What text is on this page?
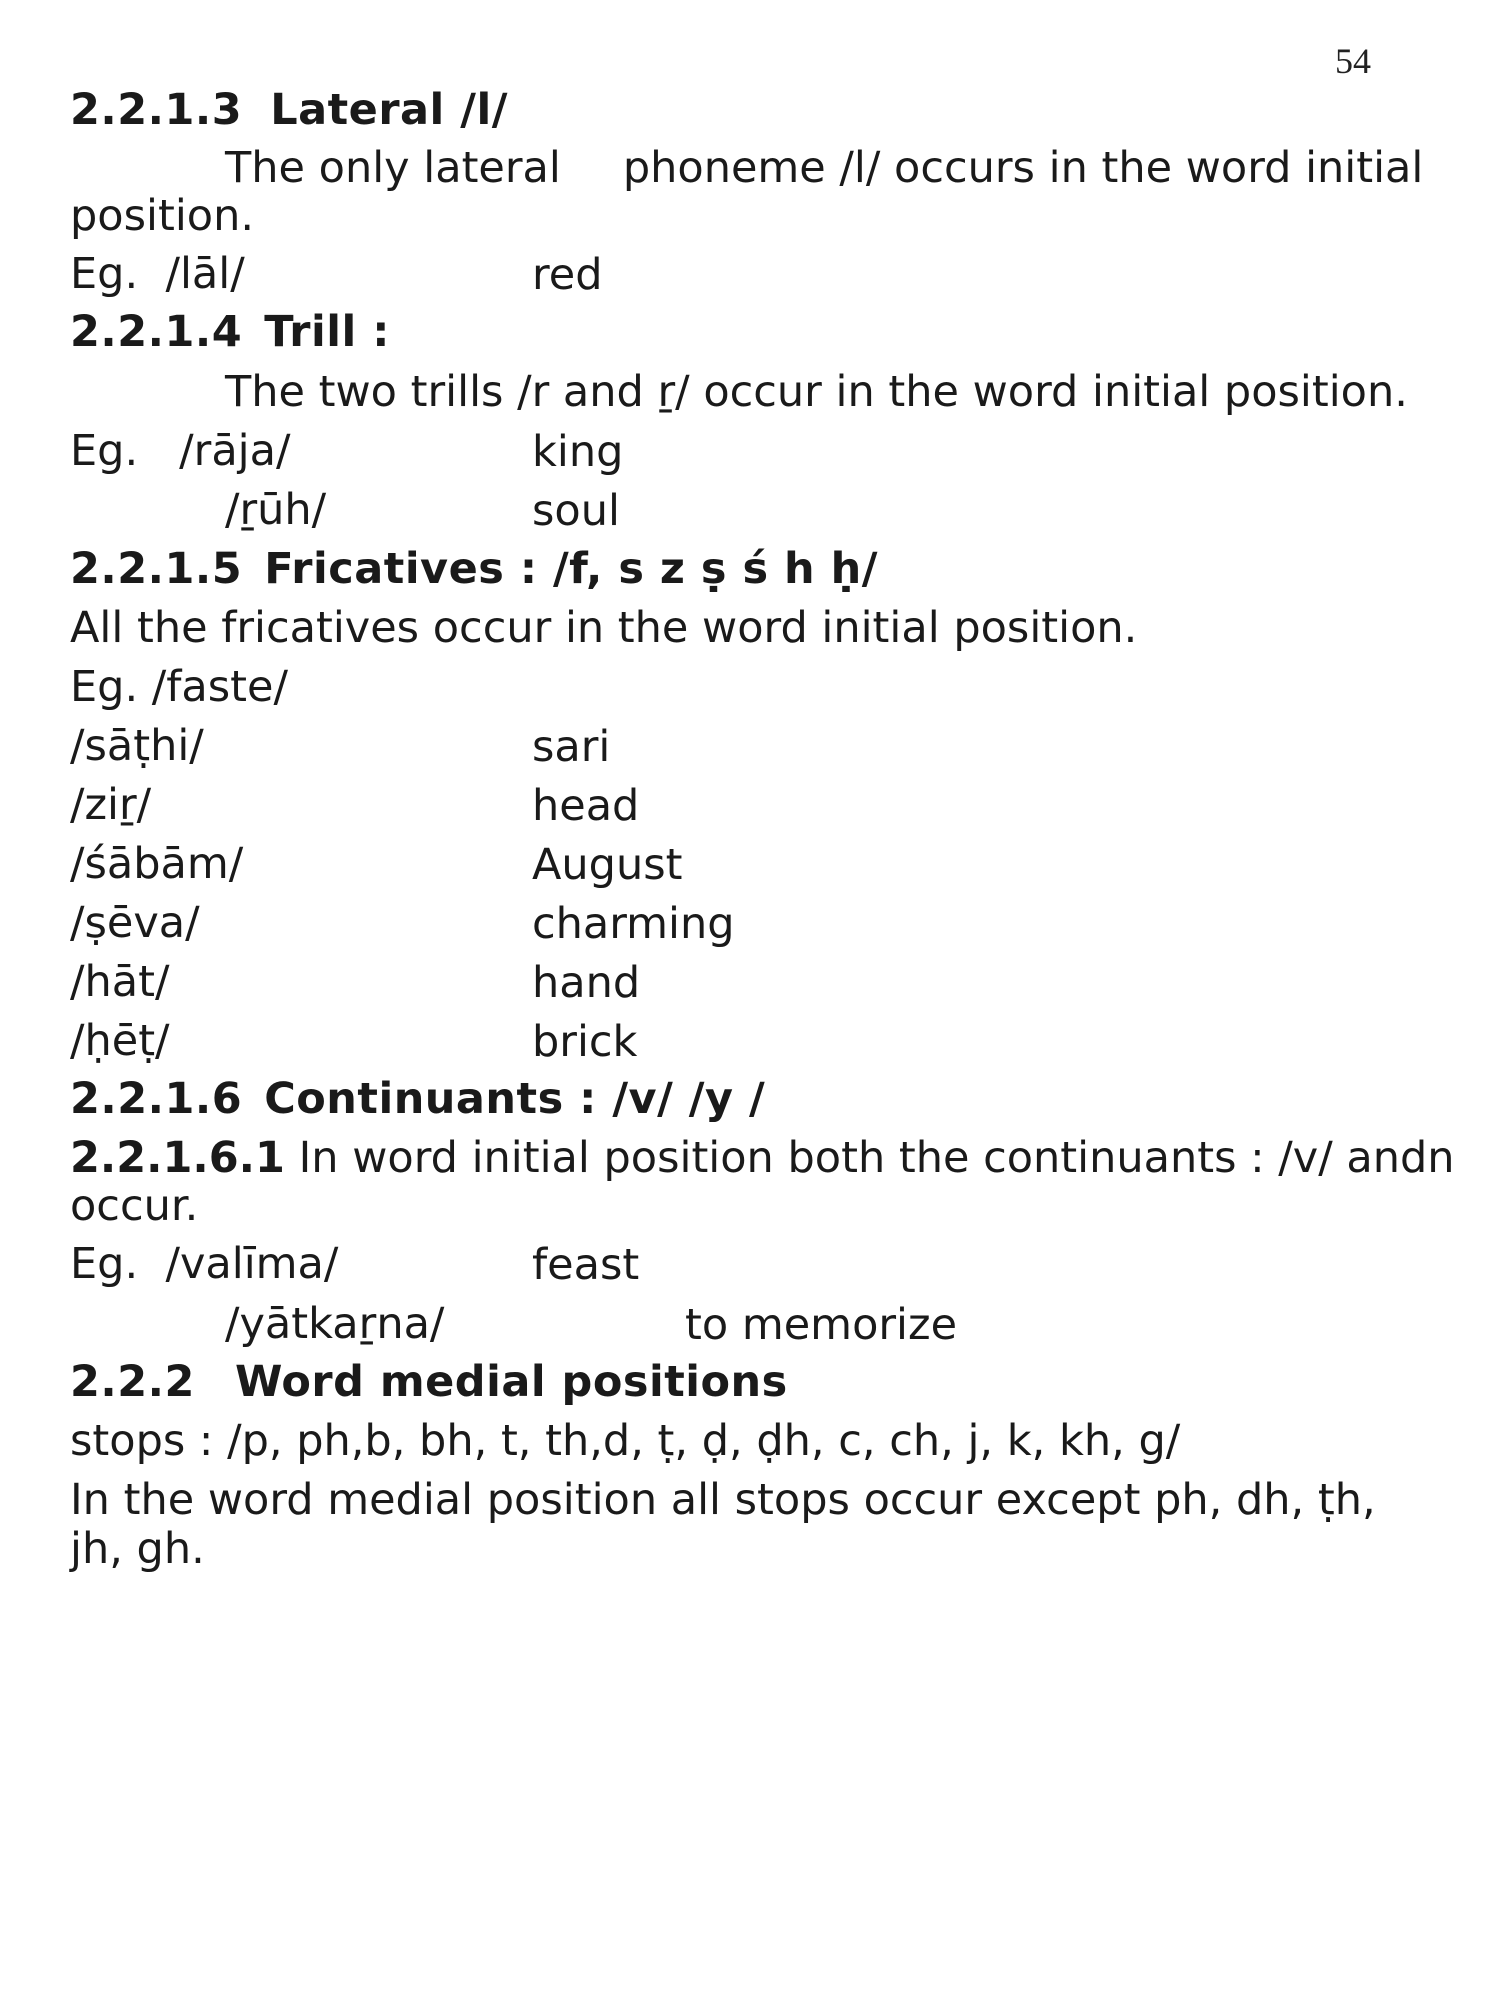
54
2.2.1.3 Lateral /l/
The only lateral phoneme /l/ occurs in the word initial
position.
Eg. /lāl/	red
2.2.1.4 Trill :
The two trills /r and ṟ/ occur in the word initial position.
Eg. /rāja/	king
/ṟūh/	soul
2.2.1.5 Fricatives : /f, s z ṣ ś h ḥ/
All the fricatives occur in the word initial position.
Eg. /faste/
/sāṭhi/	sari
/ziṟ/	head
/śābām/	August
/ṣēva/	charming
/hāt/	hand
/ḥēṭ/	brick
2.2.1.6 Continuants : /v/ /y /
2.2.1.6.1 In word initial position both the continuants : /v/ andn
occur.
Eg. /valīma/	feast
/yātkaṟna/	to memorize
2.2.2 Word medial positions
stops : /p, ph,b, bh, t, th,d, ṭ, ḍ, ḍh, c, ch, j, k, kh, g/
In the word medial position all stops occur except ph, dh, ṭh,
jh, gh.
